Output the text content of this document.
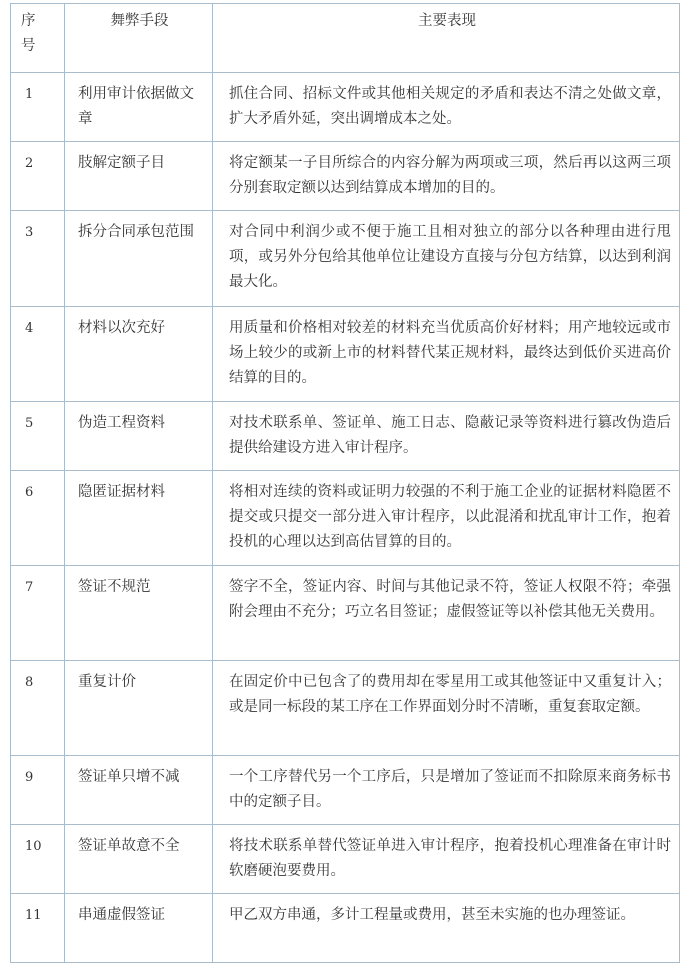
序号	舞弊手段	主要表现
1	利用审计依据做文章	抓住合同、招标文件或其他相关规定的矛盾和表达不清之处做文章，扩大矛盾外延，突出调增成本之处。
2	肢解定额子目	将定额某一子目所综合的内容分解为两项或三项，然后再以这两三项分别套取定额以达到结算成本增加的目的。
3	拆分合同承包范围	对合同中利润少或不便于施工且相对独立的部分以各种理由进行甩项，或另外分包给其他单位让建设方直接与分包方结算，以达到利润最大化。
4	材料以次充好	用质量和价格相对较差的材料充当优质高价好材料；用产地较远或市场上较少的或新上市的材料替代某正规材料，最终达到低价买进高价结算的目的。
5	伪造工程资料	对技术联系单、签证单、施工日志、隐蔽记录等资料进行篡改伪造后提供给建设方进入审计程序。
6	隐匿证据材料	将相对连续的资料或证明力较强的不利于施工企业的证据材料隐匿不提交或只提交一部分进入审计程序，以此混淆和扰乱审计工作，抱着投机的心理以达到高估冒算的目的。
7	签证不规范	签字不全，签证内容、时间与其他记录不符，签证人权限不符；牵强附会理由不充分；巧立名目签证；虚假签证等以补偿其他无关费用。
8	重复计价	在固定价中已包含了的费用却在零星用工或其他签证中又重复计入；或是同一标段的某工序在工作界面划分时不清晰，重复套取定额。
9	签证单只增不减	一个工序替代另一个工序后，只是增加了签证而不扣除原来商务标书中的定额子目。
10	签证单故意不全	将技术联系单替代签证单进入审计程序，抱着投机心理准备在审计时软磨硬泡要费用。
11	串通虚假签证	甲乙双方串通，多计工程量或费用，甚至未实施的也办理签证。
